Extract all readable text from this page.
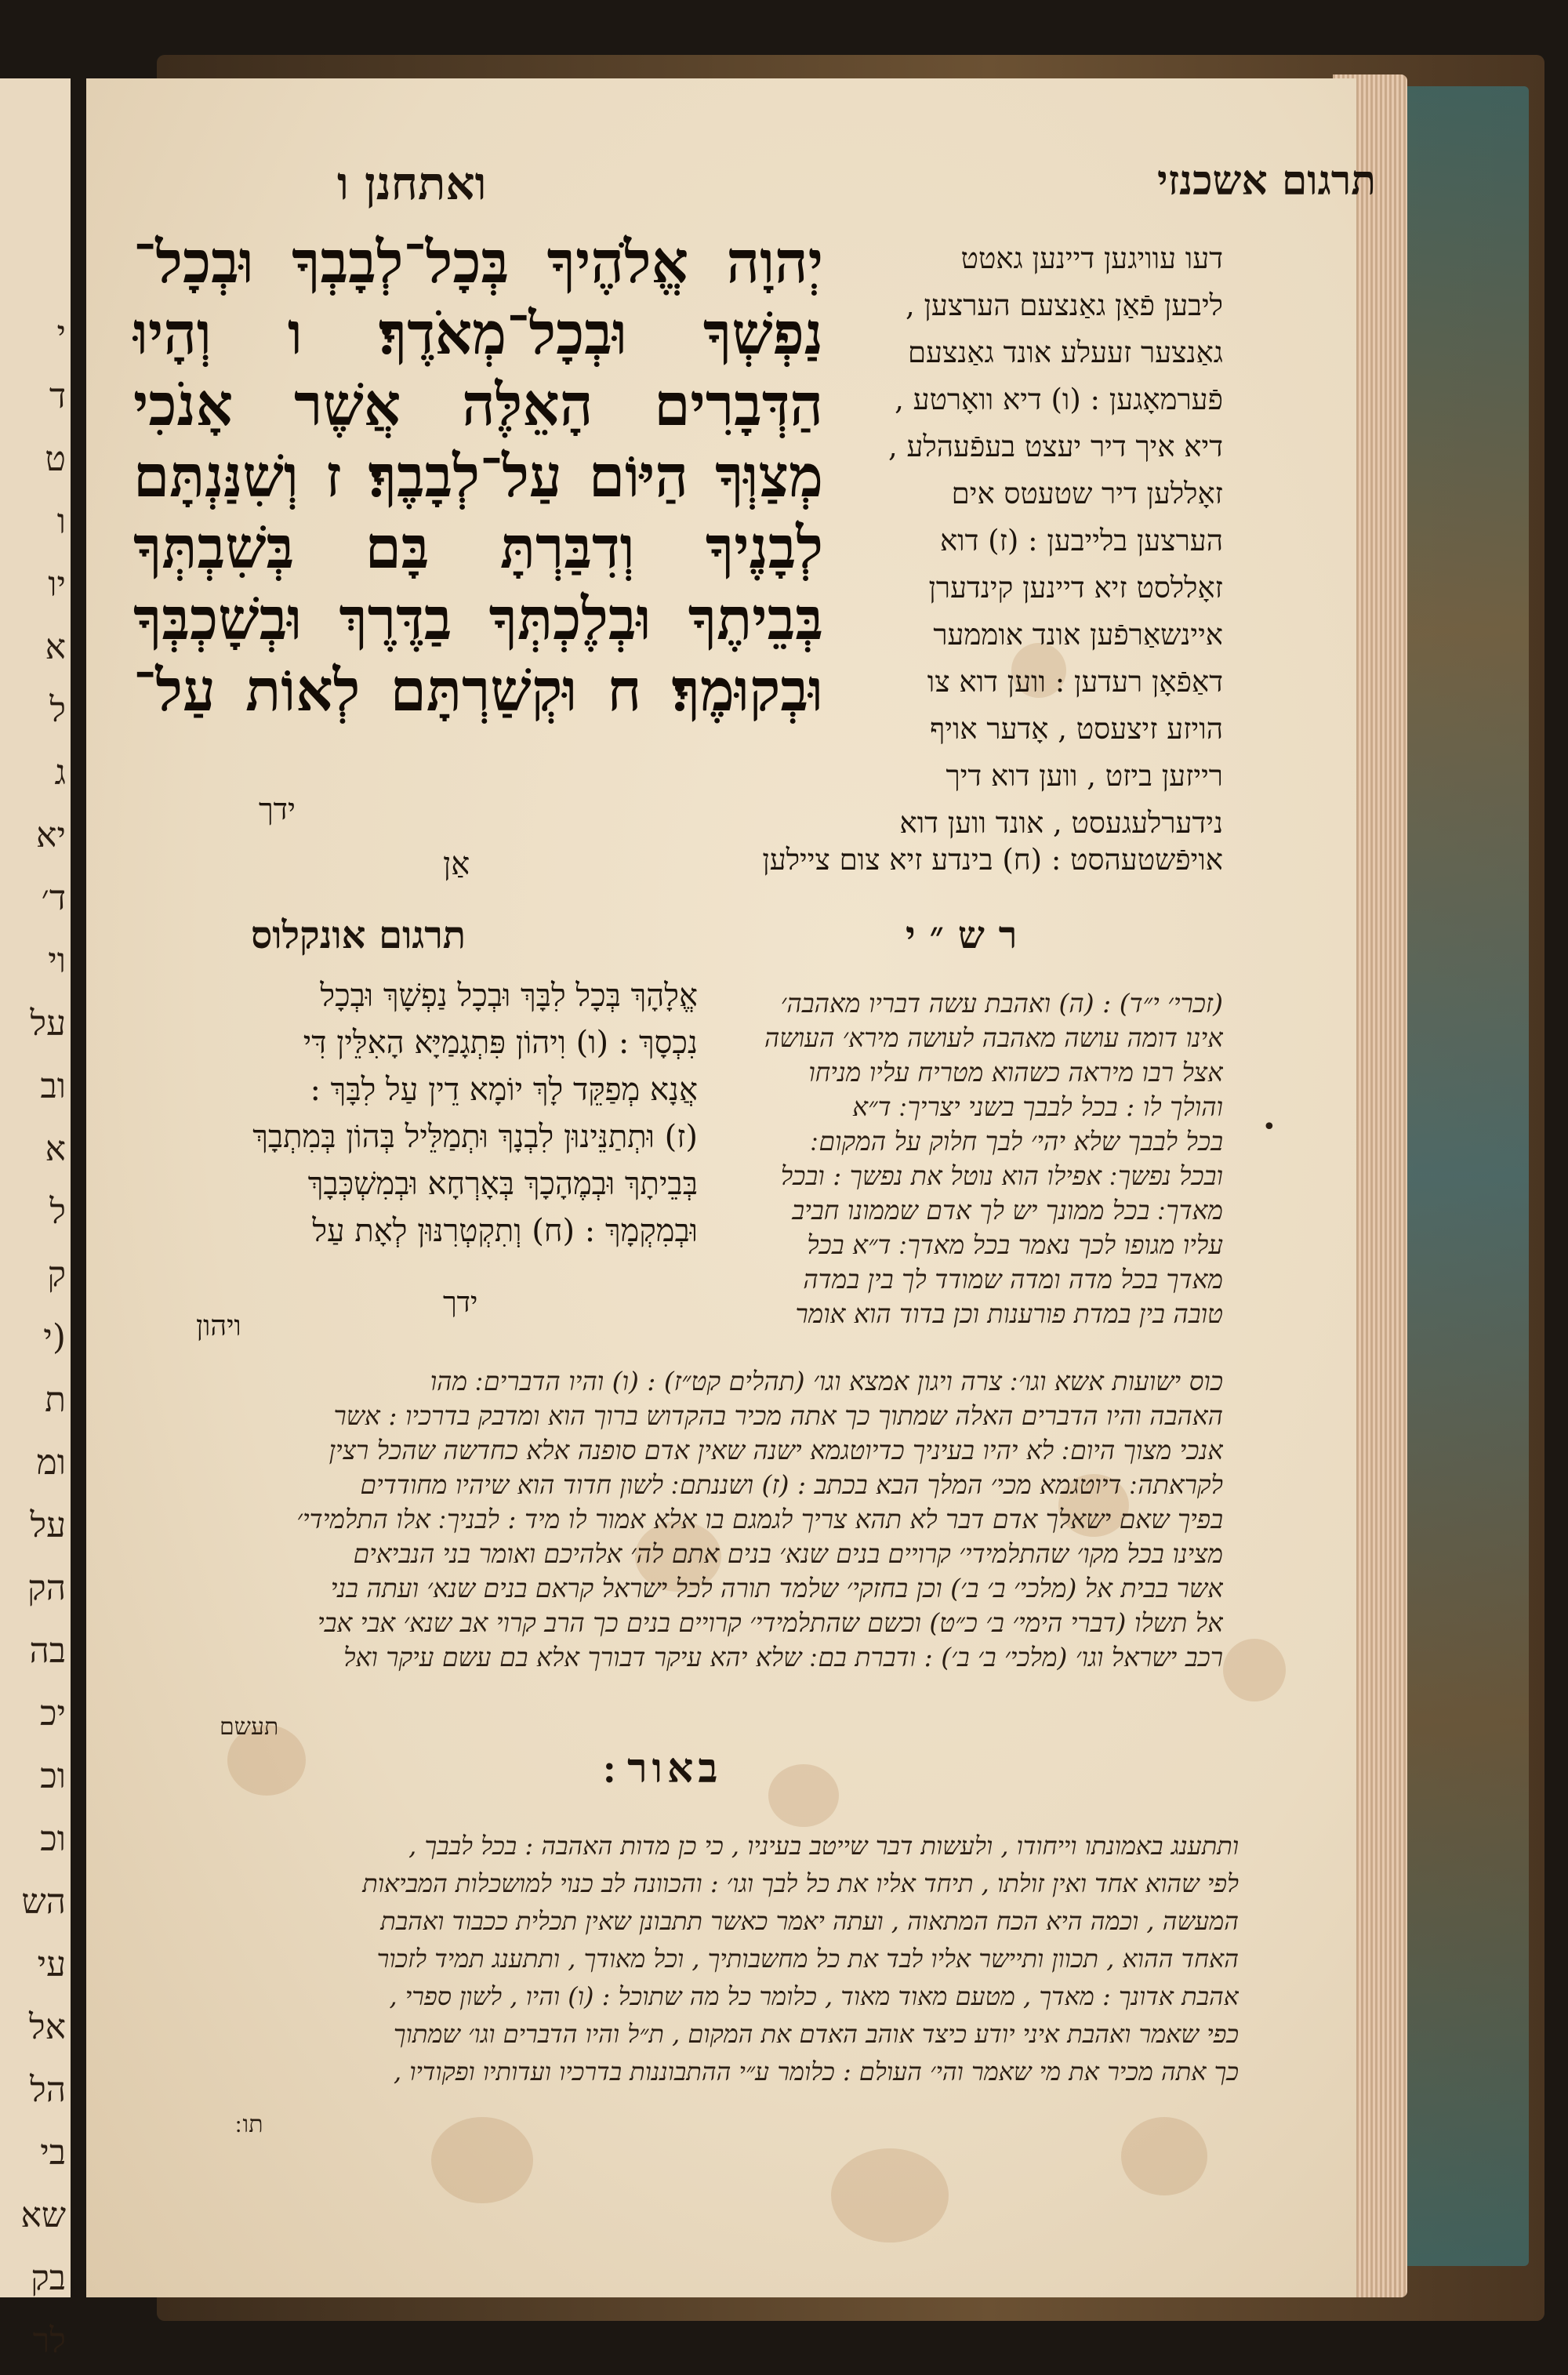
י
ד
ט
ו
יו
א
ל
ג
יא
ד׳
וי
על
וב
א
ל
ק
(י
ת
ומ
על
הק
בה
יכ
וכ
וכ
הש
עי
אל
הל
בי
שא
בק
לר
תרגום אשכנזי
ואתחנן ו
יְהוָה אֱלֹהֶיךָ בְּכָל־לְבָבְךָ וּבְכָל־
נַפְשְׁךָ וּבְכָל־מְאֹדֶךָ׃ ו וְהָיוּ
הַדְּבָרִים הָאֵלֶּה אֲשֶׁר אָנֹכִי
מְצַוְּךָ הַיּוֹם עַל־לְבָבֶךָ׃ ז וְשִׁנַּנְתָּם
לְבָנֶיךָ וְדִבַּרְתָּ בָּם בְּשִׁבְתְּךָ
בְּבֵיתֶךָ וּבְלֶכְתְּךָ בַדֶּרֶךְ וּבְשָׁכְבְּךָ
וּבְקוּמֶךָ׃ ח וּקְשַׁרְתָּם לְאוֹת עַל־
ידך
דעו עוויגען דיינען גאטט
ליבען פֿאַן גאַנצעם הערצען ,
גאַנצער זעעלע אונד גאַנצעם
פֿערמאָגען : (ו) דיא וואָרטע ,
דיא איך דיר יעצט בעפֿעהלע ,
זאָללען דיר שטעטס אים
הערצען בלייבען : (ז) דוא
זאָללסט זיא דיינען קינדערן
איינשאַרפֿען אונד אוממער
דאַפֿאָן רעדען : ווען דוא צו
הויזע זיצעסט , אָדער אויף
רייזען ביזט , ווען דוא דיך
נידערלעגעסט , אונד ווען דוא
אויפֿשטעהסט : (ח) בינדע זיא צום ציילען
אַן
רש״י
תרגום אונקלוס
אֱלָהָךְ בְּכָל לִבָּךְ וּבְכָל נַפְשָׁךְ וּבְכָל
נִכְסָךְ : (ו) וִיהוֹן פִּתְגָמַיָּא הָאִלֵּין דִּי
אֲנָא מְפַקֵּד לָךְ יוֹמָא דֵין עַל לִבָּךְ :
(ז) וּתְתַנֵּינוּן לִבְנָךְ וּתְמַלֵּיל בְּהוֹן בְּמִתְבָךְ
בְּבֵיתָךְ וּבְמֶהָכָךְ בְּאָרְחָא וּבְמִשְׁכְּבָךְ
וּבְמִקְמָךְ : (ח) וְתִקְטְרִנּוּן לְאָת עַל
ויהון
ידך
(זכרי׳ י״ד) : (ה) ואהבת עשה דבריו מאהבה׳
אינו דומה עושה מאהבה לעושה מירא׳ העושה
אצל רבו מיראה כשהוא מטריח עליו מניחו
והולך לו : בכל לבבך בשני יצריך ׃ ד״א
בכל לבבך שלא יהי׳ לבך חלוק על המקום ׃
ובכל נפשך ׃ אפילו הוא נוטל את נפשך : ובכל
מאדך ׃ בכל ממונך יש לך אדם שממונו חביב
עליו מגופו לכך נאמר בכל מאדך ׃ ד״א בכל
מאדך בכל מדה ומדה שמודד לך בין במדה
טובה בין במדת פורענות וכן בדוד הוא אומר
•
כוס ישועות אשא וגו׳ ׃ צרה ויגון אמצא וגו׳ (תהלים קט״ז) : (ו) והיו הדברים ׃ מהו
האהבה והיו הדברים האלה שמתוך כך אתה מכיר בהקדוש ברוך הוא ומדבק בדרכיו : אשר
אנכי מצוך היום ׃ לא יהיו בעיניך כדיוטגמא ישנה שאין אדם סופנה אלא כחדשה שהכל רצין
לקראתה ׃ דיוטגמא מכי׳ המלך הבא בכתב : (ז) ושננתם ׃ לשון חדוד הוא שיהיו מחודדים
בפיך שאם ישאלך אדם דבר לא תהא צריך לגמגם בו אלא אמור לו מיד : לבניך ׃ אלו התלמידי׳
מצינו בכל מקו׳ שהתלמידי׳ קרויים בנים שנא׳ בנים אתם לה׳ אלהיכם ואומר בני הנביאים
אשר בבית אל (מלכי׳ ב׳ ב׳) וכן בחזקי׳ שלמד תורה לכל ישראל קראם בנים שנא׳ ועתה בני
אל תשלו (דברי הימי׳ ב׳ כ״ט) וכשם שהתלמידי׳ קרויים בנים כך הרב קרוי אב שנא׳ אבי אבי
רכב ישראל וגו׳ (מלכי׳ ב׳ ב׳) : ודברת בם ׃ שלא יהא עיקר דבורך אלא בם עשם עיקר ואל
תעשם
באור ׃
ותתענג באמונתו וייחודו , ולעשות דבר שייטב בעיניו , כי כן מדות האהבה : בכל לבבך ,
לפי שהוא אחד ואין זולתו , תיחד אליו את כל לבך וגו׳ : והכוונה לב כנוי למושכלות המביאות
המעשה , וכמה היא הכח המתאוה , ועתה יאמר כאשר תתבונן שאין תכלית ככבוד ואהבת
האחד ההוא , תכוון ותיישר אליו לבד את כל מחשבותיך , וכל מאודך , ותתענג תמיד לזכור
אהבת אדונך : מאדך , מטעם מאוד מאוד , כלומר כל מה שתוכל : (ו) והיו , לשון ספרי ,
כפי שאמר ואהבת איני יודע כיצד אוהב האדם את המקום , ת״ל והיו הדברים וגו׳ שמתוך
כך אתה מכיר את מי שאמר והי׳ העולם : כלומר ע״י ההתבוננות בדרכיו ועדותיו ופקודיו ,
תו ׃
